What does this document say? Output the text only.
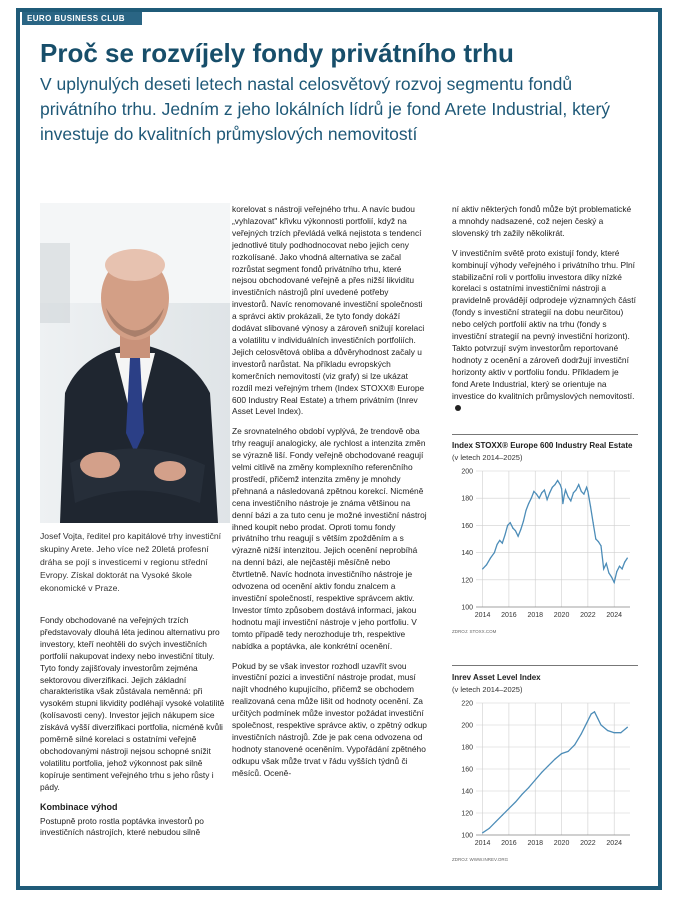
EURO BUSINESS CLUB
Proč se rozvíjely fondy privátního trhu

V uplynulých deseti letech nastal celosvětový rozvoj segmentu fondů privátního trhu. Jedním z jeho lokálních lídrů je fond Arete Industrial, který investuje do kvalitních průmyslových nemovitostí

Josef Vojta, ředitel pro kapitálové trhy investiční skupiny Arete. Jeho více než 20letá profesní dráha se pojí s investicemi v regionu střední Evropy. Získal doktorát na Vysoké škole ekonomické v Praze.

Fondy obchodované na veřejných trzích představovaly dlouhá léta jedinou alternativu pro investory, kteří neohtěli do svých investičních portfolií nakupovat indexy nebo investiční tituly. Tyto fondy zajišťovaly investorům zejména sektorovou diverzifikaci. Jejich základní charakteristika však zůstávala neměnná: při vysokém stupni likvidity podléhají vysoké volatilitě (kolísavosti ceny). Investor jejich nákupem sice získává vyšší diverzifikaci portfolia, nicméně kvůli poměrně silné korelaci s ostatními veřejně obchodovanými nástroji nejsou schopné snížit volatilitu portfolia, jehož výkonnost pak silně kopíruje sentiment veřejného trhu s jeho růsty i pády.

Kombinace výhod

Postupně proto rostla poptávka investorů po investičních nástrojích, které nebudou silně

korelovat s nástroji veřejného trhu. A navíc budou „vyhlazovat" křivku výkonnosti portfolií, když na veřejných trzích převládá velká nejistota s tendencí jednotlivé tituly podhodnocovat nebo jejich ceny rozkolísané. Jako vhodná alternativa se začal rozrůstat segment fondů privátního trhu, které nejsou obchodované veřejně a přes nižší likviditu investičních nástrojů plní uvedené potřeby investorů. Navíc renomované investiční společnosti a správci aktiv prokázali, že tyto fondy dokáží dodávat slibované výnosy a zároveň snižují korelaci a volatilitu v individuálních investičních portfoliích. Jejich celosvětová obliba a důvěryhodnost začaly u investorů narůstat. Na příkladu evropských komerčních nemovitostí (viz grafy) si lze ukázat rozdíl mezi veřejným trhem (Index STOXX® Europe 600 Industry Real Estate) a trhem privátním (Inrev Asset Level Index).

Ze srovnatelného období vyplývá, že trendově oba trhy reagují analogicky, ale rychlost a intenzita změn se výrazně liší. Fondy veřejně obchodované reagují velmi citlivě na změny komplexního referenčního prostředí, přičemž intenzita změny je mnohdy přehnaná a následovaná zpětnou korekcí. Nicméně cena investičního nástroje je známa většinou na denní bázi a za tuto cenu je možné investiční nástroj ihned koupit nebo prodat. Oproti tomu fondy privátního trhu reagují s větším zpožděním a s výrazně nižší intenzitou. Jejich ocenění neprobíhá na denní bázi, ale nejčastěji měsíčně nebo čtvrtletně. Navíc hodnota investičního nástroje je odvozena od ocenění aktiv fondu znalcem a investiční společností, respektive správcem aktiv. Investor tímto způsobem dostává informaci, jakou hodnotu mají investiční nástroje v jeho portfoliu. V tomto případě tedy nerozhoduje trh, respektive nabídka a poptávka, ale konkrétní ocenění.

Pokud by se však investor rozhodl uzavřít svou investiční pozici a investiční nástroje prodat, musí najít vhodného kupujícího, přičemž se obchodem realizovaná cena může lišit od hodnoty ocenění. Za určitých podmínek může investor požádat investiční společnost, respektive správce aktiv, o zpětný odkup investičních nástrojů. Zde je pak cena odvozena od hodnoty stanovené oceněním. Vypořádání zpětného odkupu však může trvat v řádu vyšších týdnů či měsíců. Oceně-

ní aktiv některých fondů může být problematické a mnohdy nadsazené, což nejen český a slovenský trh zažily několikrát.

V investičním světě proto existují fondy, které kombinují výhody veřejného i privátního trhu. Plní stabilizační roli v portfoliu investora díky nízké korelaci s ostatními investičními nástroji a pravidelně provádějí odprodeje významných částí (fondy s investiční strategií na dobu neurčitou) nebo celých portfolií aktiv na trhu (fondy s investiční strategií na pevný investiční horizont). Takto potvrzují svým investorům reportované hodnoty z ocenění a zároveň dodržují investiční horizonty aktiv v portfoliu fondu. Příkladem je fond Arete Industrial, který se orientuje na investice do kvalitních průmyslových nemovitostí.

Index STOXX® Europe 600 Industry Real Estate

(v letech 2014–2025)

100
120
140
160
180
200
2014 2016 2018 2020 2022 2024
ZDROJ: STOXX.COM

Inrev Asset Level Index

(v letech 2014–2025)

100
120
140
160
180
200
220
2014 2016 2018 2020 2022 2024
ZDROJ: WWW.INREV.ORG
